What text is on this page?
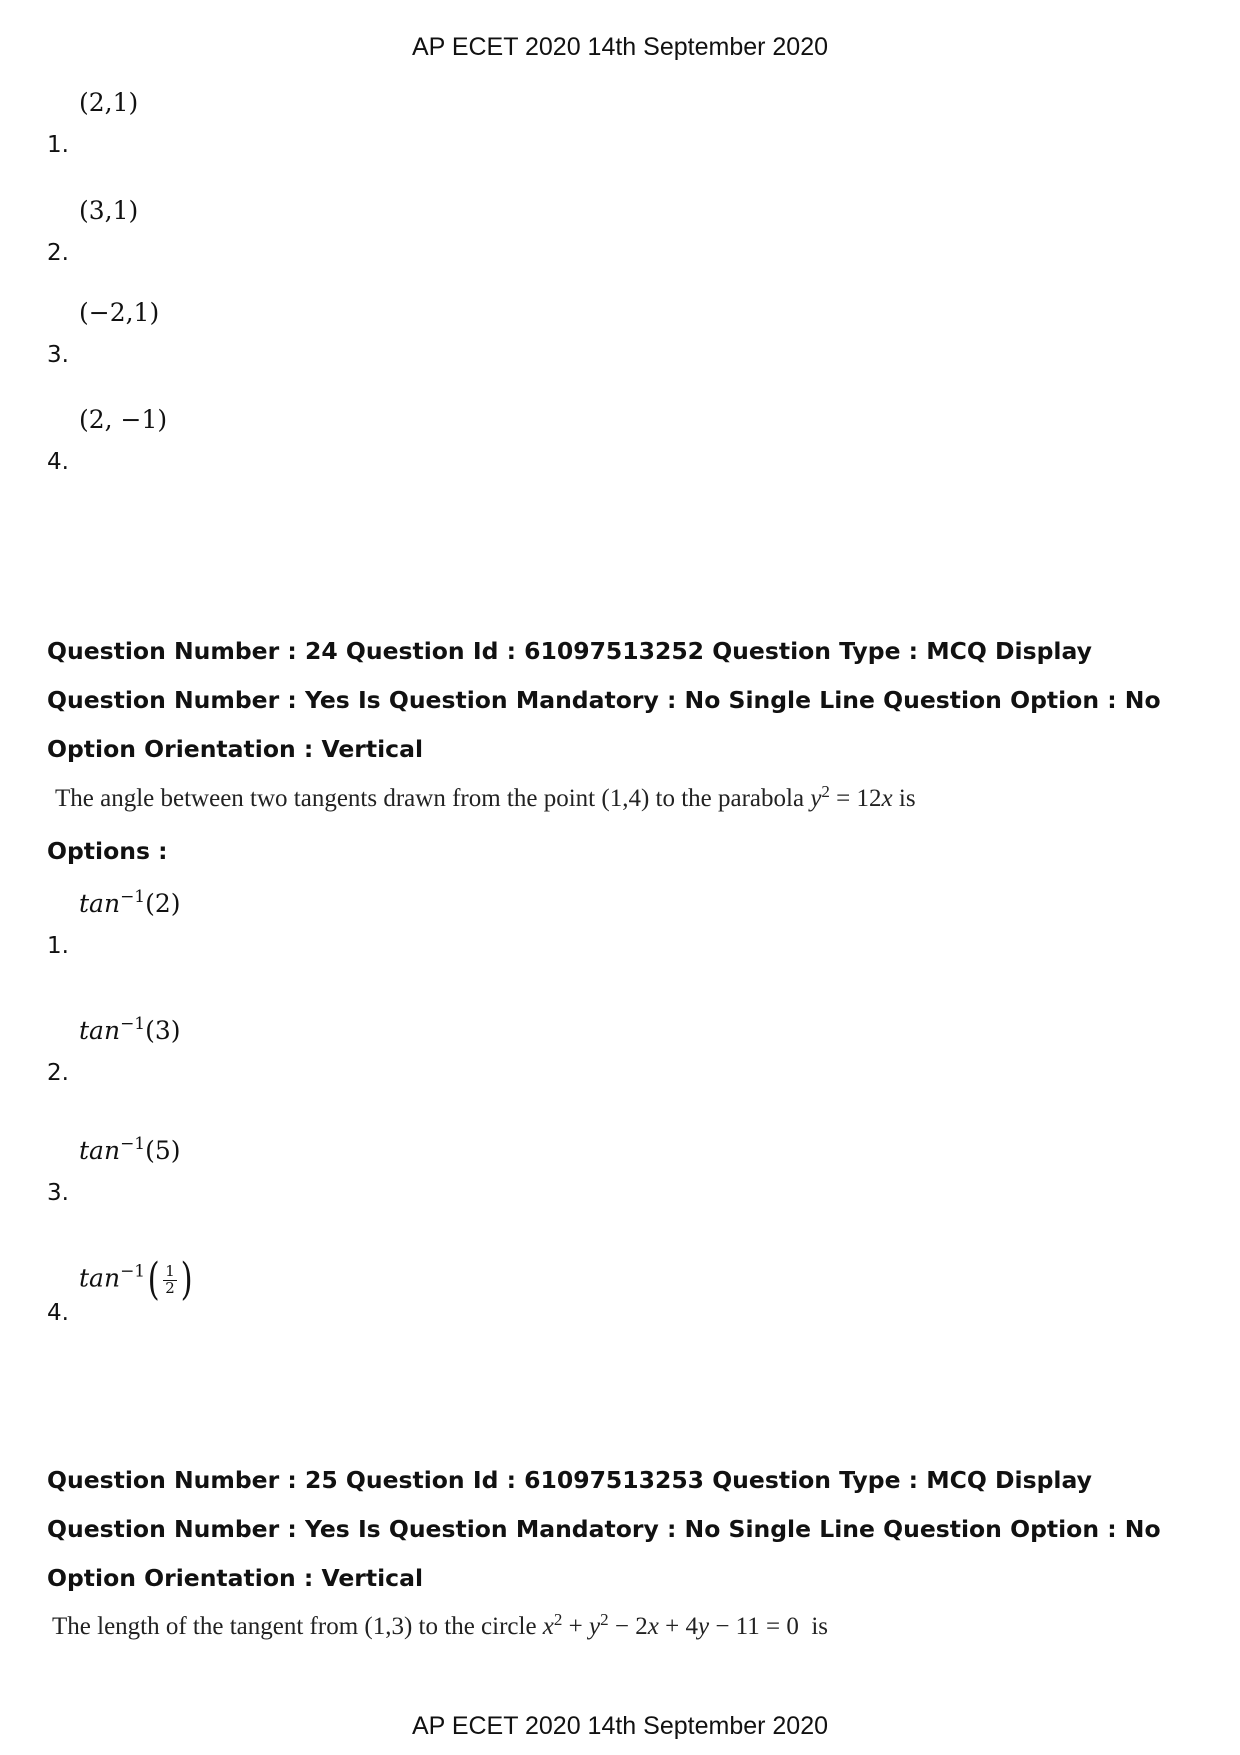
AP ECET 2020 14th September 2020
1.
(2,1)
2.
(3,1)
3.
(−2,1)
4.
(2, −1)
Question Number : 24 Question Id : 61097513252 Question Type : MCQ Display Question Number : Yes Is Question Mandatory : No Single Line Question Option : No Option Orientation : Vertical
The angle between two tangents drawn from the point (1,4) to the parabola $y^2 = 12x$ is
Options :
1.
$\tan^{-1}(2)$
2.
$\tan^{-1}(3)$
3.
$\tan^{-1}(5)$
4.
$\tan^{-1}$ ( $\frac{1}{2}$ )
Question Number : 25 Question Id : 61097513253 Question Type : MCQ Display Question Number : Yes Is Question Mandatory : No Single Line Question Option : No Option Orientation : Vertical
The length of the tangent from (1,3) to the circle $x^2 + y^2 - 2x + 4y - 11 = 0$  is
AP ECET 2020 14th September 2020
